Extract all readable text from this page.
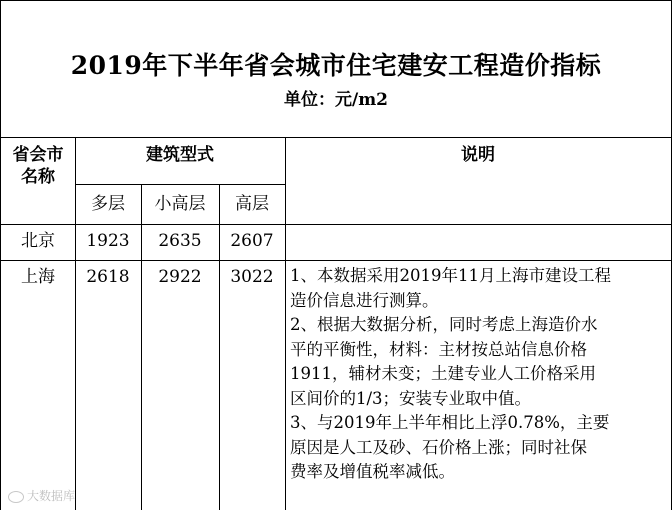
2019年下半年省会城市住宅建安工程造价指标
单位：元/m2
省会市
名称
建筑型式	说明
多层	小高层	高层
北京	1923	2635	2607
上海	2618	2922	3022 1、本数据采用2019年11月上海市建设工程
造价信息进行测算。
2、根据大数据分析，同时考虑上海造价水
平的平衡性，材料：主材按总站信息价格
1911，辅材未变；土建专业人工价格采用
区间价的1/3；安装专业取中值。
3、与2019年上半年相比上浮0.78%，主要
原因是人工及砂、石价格上涨；同时社保
费率及增值税率减低。
大数据库
